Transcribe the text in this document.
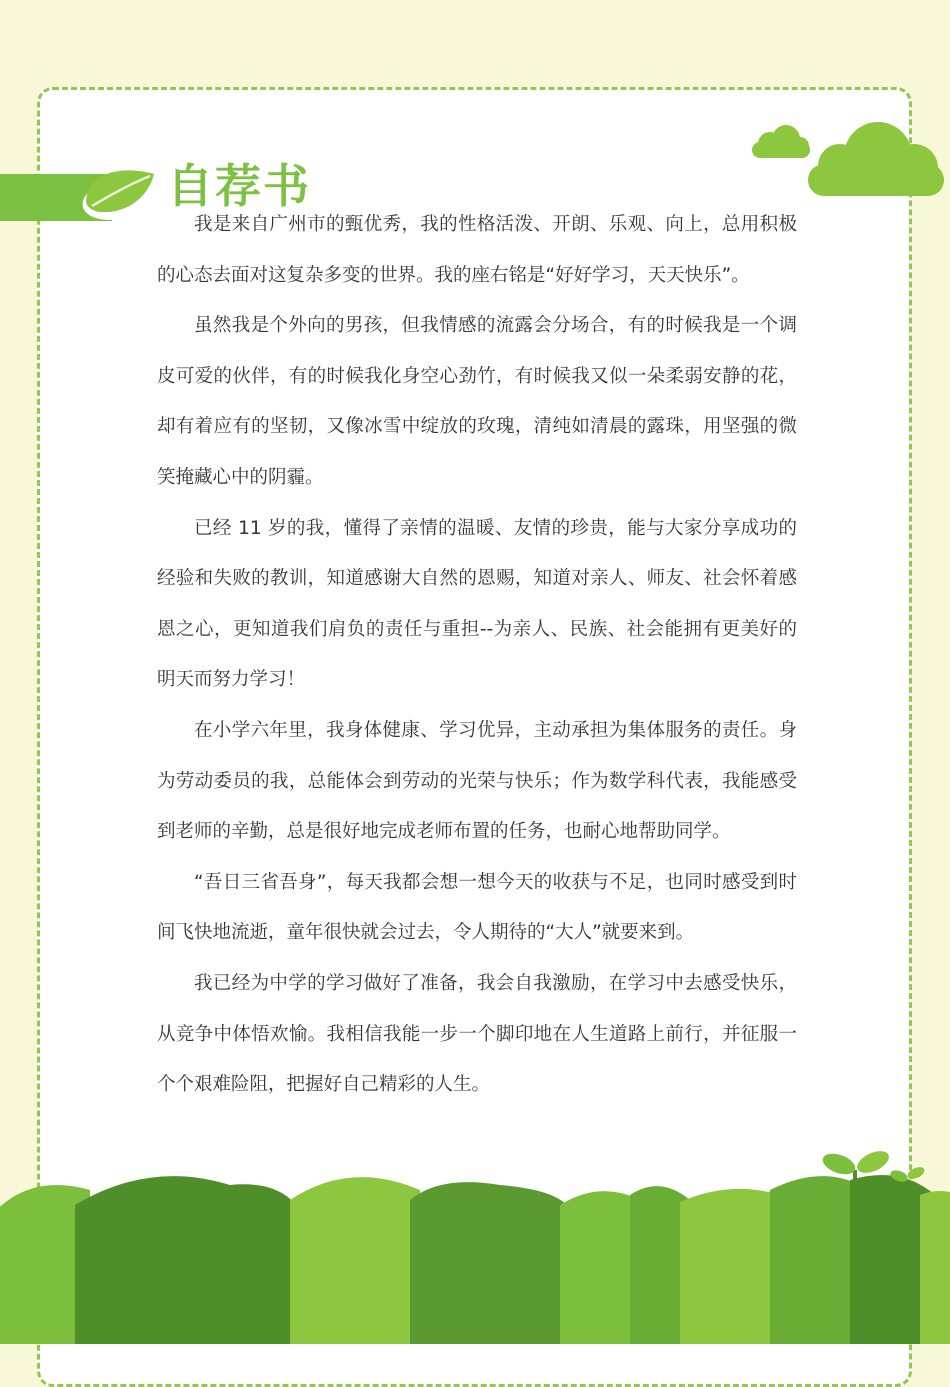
自荐书

我是来自广州市的甄优秀，我的性格活泼、开朗、乐观、向上，总用积极的心态去面对这复杂多变的世界。我的座右铭是“好好学习，天天快乐”。

虽然我是个外向的男孩，但我情感的流露会分场合，有的时候我是一个调皮可爱的伙伴，有的时候我化身空心劲竹，有时候我又似一朵柔弱安静的花，却有着应有的坚韧，又像冰雪中绽放的玫瑰，清纯如清晨的露珠，用坚强的微笑掩藏心中的阴霾。

已经 11 岁的我，懂得了亲情的温暖、友情的珍贵，能与大家分享成功的经验和失败的教训，知道感谢大自然的恩赐，知道对亲人、师友、社会怀着感恩之心，更知道我们肩负的责任与重担--为亲人、民族、社会能拥有更美好的明天而努力学习！

在小学六年里，我身体健康、学习优异，主动承担为集体服务的责任。身为劳动委员的我，总能体会到劳动的光荣与快乐；作为数学科代表，我能感受到老师的辛勤，总是很好地完成老师布置的任务，也耐心地帮助同学。

“吾日三省吾身”，每天我都会想一想今天的收获与不足，也同时感受到时间飞快地流逝，童年很快就会过去，令人期待的“大人”就要来到。

我已经为中学的学习做好了准备，我会自我激励，在学习中去感受快乐，从竞争中体悟欢愉。我相信我能一步一个脚印地在人生道路上前行，并征服一个个艰难险阻，把握好自己精彩的人生。
